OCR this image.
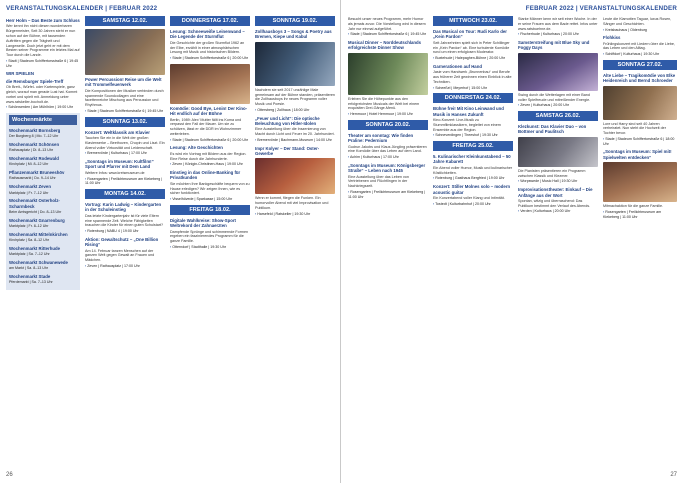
VERANSTALTUNGSKALENDER | FEBRUAR 2022
Herr Holm – Das Beste zum Schluss
Wer kennt ihn nicht diesen wunderbaren Bürgermeister, Seit 30 Jahren steht er nun schon auf der Bühne, mit tausenden Auftritten gegen die Trägheit und Langeweile. Doch jetzt geht er mit dem Besten seiner Programme ein letztes Mal auf Tour durch die Lande.
› Stadt | Stadeum Schiffertorsstraße 6 | 19:45 Uhr
WIR SPIELEN
die Remsburger Spiele-Treff
Ob Brett-, Würfel- oder Kartenspiele, ganz gleich, worauf man gerade Lust hat. Kommt vorbei und spielt mit. Anmeldung unter www.ratskeller-bocholt.de.
› Schönwerden | Am Mühlhörn | 19:00 Uhr
Wochenmärkte
Wochenmarkt Bornsberg
Der Burgberg 8 | Mo. 7–12 Uhr
Wochenmarkt Schönsen
Rathausplatz | Di. 8–13 Uhr
Wochenmarkt Rodewald
Kirchplatz | Mi. 8–12 Uhr
Pflanzenmarkt Bruneeshöv
Rathausmarkt | Do. 9–14 Uhr
Wochenmarkt Zeven
Marktplatz | Fr. 7–12 Uhr
Wochenmarkt Osterholz-Scharmbeck
Beim Amtsgericht | Do. 8–13 Uhr
Wochenmarkt Gnarrenburg
Marktplatz | Fr. 8–12 Uhr
Wochenmarkt Mittelnkirchen
Kirchplatz | Sa. 8–12 Uhr
Wochenmarkt Ritterhude
Marktplatz | Sa. 7–12 Uhr
Wochenmarkt Schwanewede
am Markt | Sa. 8–13 Uhr
Wochenmarkt Stade
Pferdemarkt | Sa. 7–13 Uhr
SAMSTAG 12.02.
Power Percussion! Reise um die Welt mit Trommelfeuerwerk
Die Kompositionen der Musiker verbinden durch spannende Soundcollagen und eine facettenreiche Mischung aus Percussion und Rhythmus.
› Stade | Stadeum Schiffertorstraße 6 | 19:45 Uhr
SONNTAG 13.02.
Konzert: Weltklassik am Klavier
Tauchen Sie ein in die Welt der großen Klavierwerke – Beethoven, Chopin und Liszt. Ein Abend voller Virtuosität und Leidenschaft.
› Bremervörde | Kulturhaus | 17:00 Uhr
„Sonntags im Museum: Kultfilm!“ Sport und Pfarrer mit Dem Land
Weitere Infos: www.kreismuseum.de
› Rosengarten | Freilichtmuseum am Kiekeberg | 11:00 Uhr
MONTAG 14.02.
Vortrag: Karin Ladwig – Kindergarten in der Schuleinstieg
Das letzte Kindergartenjahr ist für viele Eltern eine spannende Zeit. Welche Fähigkeiten brauchen die Kinder für einen guten Schulstart?
› Rotenburg | NABU 4 | 19:00 Uhr
Aktion: Gewaltschutz – „One Billion Rising“
Am 14. Februar tanzen Menschen auf der ganzen Welt gegen Gewalt an Frauen und Mädchen.
› Zeven | Rathausplatz | 17:00 Uhr
DONNERSTAG 17.02.
Lesung: Schneeweiße Leinenwand – Die Legende der Sturmflut
Die Geschichte der großen Sturmflut 1962 an der Elbe, erzählt in einer atmosphärischen Lesung mit Musik und historischen Bildern.
› Stade | Stadeum Schiffertorstraße 6 | 20:00 Uhr
Komödie: Good Bye, Lenin! Der Kino-Hit endlich auf der Bühne
Berlin, 1989: Alex' Mutter fällt ins Koma und verpasst den Fall der Mauer. Um sie zu schützen, lässt er die DDR im Wohnzimmer weiterleben.
› Stade | Stadeum Schiffertorstraße 6 | 20:00 Uhr
Lesung: Alte Geschichten
Es wird ein Vortrag mit Bildern aus der Region. Eine Reise durch die Jahrhunderte.
› Zeven | Königin-Christinen-Haus | 19:00 Uhr
Einstieg in das Online-Banking für Privatkunden
Sie möchten Ihre Bankgeschäfte bequem von zu Hause erledigen? Wir zeigen Ihnen, wie es sicher funktioniert.
› Visselhövede | Sparkasse | 15:00 Uhr
FREITAG 18.02.
Digitale Wahlkreise: Show-Sport Weltrekord der Zahnaerzten
Dampfende Sprünge und schimmernde Formen ergeben ein faszinierendes Programm für die ganze Familie.
› Otterndorf | Stadthalle | 19:30 Uhr
SONNTAG 19.02.
Zollhausboys 3 – Songs & Poetry aus Bremen, Kiepe und Kabul
Nachdem sie seit 2017 unzählige Male gemeinsam auf der Bühne standen, präsentieren die Zollhausboys ihr neues Programm voller Musik und Poesie.
› Ottersberg | Zollhaus | 18:00 Uhr
„Feuer und Licht“: Die optische Beleuchtung von Hitler-Idolen
Eine Ausstellung über die Inszenierung von Macht durch Licht und Feuer im 20. Jahrhundert.
› Bremervörde | Bachmann-Museum | 14:00 Uhr
Impr Kolyer – Der Stand: Oster-Gewerbe
Wenn er kommt, fliegen die Funken. Ein humorvoller Abend mit viel Improvisation und Publikum.
› Harsefeld | Ratskeller | 19:30 Uhr
26
FEBRUAR 2022 | VERANSTALTUNGSKALENDER
Besucht unser neues Programm, mehr Humor als jemals zuvor. Die Vorstellung wird in diesem Jahr nur einmal aufgeführt.
› Stade | Stadeum Schiffertorstraße 6 | 19:45 Uhr
Musical Dinner – Norddeutschlands erfolgreichste Dinner Show
Erleben Sie die Höhepunkte aus den erfolgreichsten Musicals der Welt bei einem exquisiten Drei-Gänge-Menü.
› Hemmoor | Hotel Hemmoor | 19:00 Uhr
SONNTAG 20.02.
Theater am sonntag: Wie finden Praline: Pedernium
Gudrun Jakobs und Klaus Jüngling präsentieren eine Komödie über das Leben auf dem Land.
› Achim | Kulturhaus | 17:00 Uhr
„Sonntags im Museum: Königsberger Straße“ – Leben nach 1945
Eine Ausstellung über das Leben von Vertriebenen und Flüchtlingen in der Nachkriegszeit.
› Rosengarten | Freilichtmuseum am Kiekeberg | 11:00 Uhr
MITTWOCH 23.02.
Das Musical on Tour: Rudi Karlo der „Kein Pardon“
Seit Jahrzehnten spielt sich in Peter Schillinger ein „Kein Pardon“ ab. Eine turbulente Komödie rund um einen erfolglosen Moderator.
› Buxtehude | Halepaghen-Bühne | 20:00 Uhr
Garnerationen auf Hand
Jasie vom Handwerk „Brunnenbau“ und Berufe aus früherer Zeit gewinnen einen Einblick in alte Techniken.
› Scheeßel | Meyerhof | 15:00 Uhr
DONNERSTAG 24.02.
Bühne frei! Mit Kino Leinwand und Musik in Hanses Zukunft
Kino-Konzert: Live-Musik zu Stummfilmklassikern, begleitet von einem Ensemble aus der Region.
› Schneverdingen | Theeshof | 19:30 Uhr
FREITAG 25.02.
5. Kulinarischer Kleinkunstabend – 50 Jahre Kabarett
Ein Abend voller Humor, Musik und kulinarischer Köstlichkeiten.
› Rotenburg | Gasthaus Bergfried | 19:00 Uhr
Konzert: Stiller Molnes solo – modern acoustic guitar
Ein Konzertabend voller Klang und Intimität.
› Tostedt | Kulturbahnhof | 20:00 Uhr
Starke Männer kenn wir seit einer Woche. In der er seine Frauen aus dem Bade rettet. Infos unter www.ratsbuehne.de.
› Fischerhude | Kulturhaus | 20:00 Uhr
Samsterstreifung mit Blue Sky und Foggy Days
Swing durch die Wetterlagen mit einer Band voller Spielfreude und mitreißender Energie.
› Zeven | Kulturhaus | 20:00 Uhr
SAMSTAG 26.02.
Klezkunst: Das Klavier Duo – von Bottmer und Paulitsch
Die Pianisten präsentieren ein Programm zwischen Klassik und Klezmer.
› Worpswede | Music Hall | 19:30 Uhr
Improvisationstheater: Einkauf – Die Anfänge aus der Wort
Spontan, witzig und überraschend: Das Publikum bestimmt den Verlauf des Abends.
› Verden | Kulturhaus | 20:00 Uhr
Leute die Klamotten Taguar, luxus Rosen, Sänger und Geschichten.
› Kreisbauhaus | Oldenburg
Flohkiss
Frühlingskonzert mit Liedern über die Liebe, das Leben und den Alltag.
› Schiffdorf | Kulturhaus | 19:30 Uhr
SONNTAG 27.02.
Alte Liebe – Tragikomödie von Elke Heidenreich und Bernd Schroeder
Lore und Harry sind seit 40 Jahren verheiratet. Nun steht die Hochzeit der Tochter bevor.
› Stade | Stadeum Schiffertorstraße 6 | 18:00 Uhr
„Sonntags im Museum: Spiel mit! Spielwelten entdecken“
Mitmachaktion für die ganze Familie.
› Rosengarten | Freilichtmuseum am Kiekeberg | 11:00 Uhr
27
